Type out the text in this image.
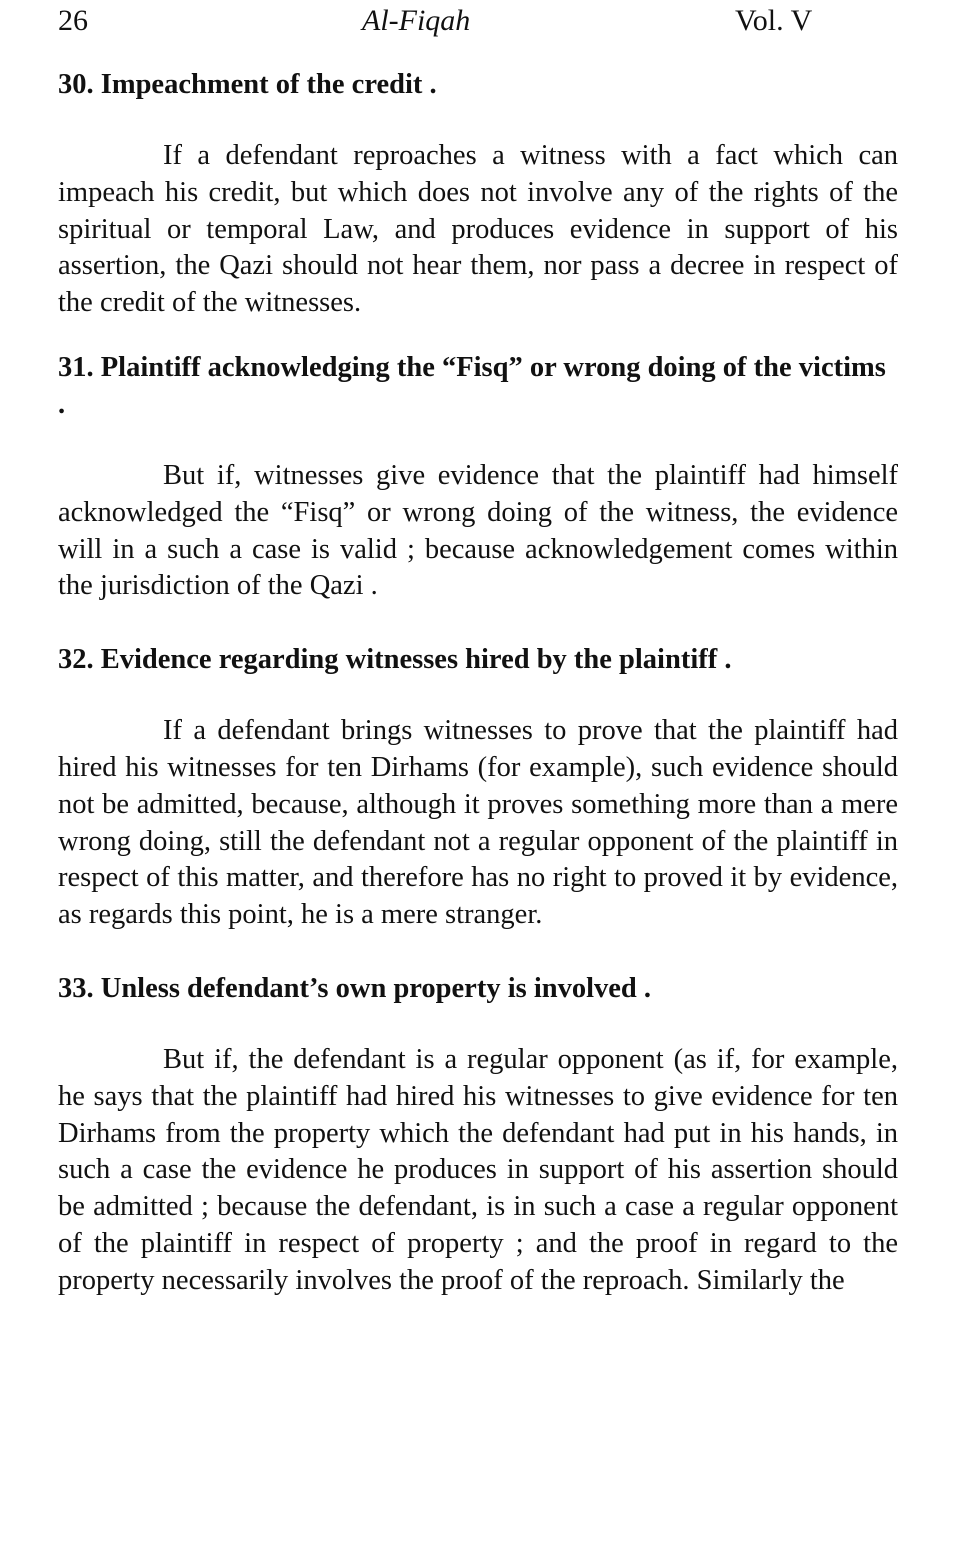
26	Al-Fiqah	Vol. V

30. Impeachment of the credit .

If a defendant reproaches a witness with a fact which can impeach his credit, but which does not involve any of the rights of the spiritual or temporal Law, and produces evidence in support of his assertion, the Qazi should not hear them, nor pass a decree in respect of the credit of the witnesses.

31. Plaintiff acknowledging the “Fisq” or wrong doing of the victims .

But if, witnesses give evidence that the plaintiff had himself acknowledged the “Fisq” or wrong doing of the witness, the evidence will in a such a case is valid ; because acknowledgement comes within the jurisdiction of the Qazi .

32. Evidence regarding witnesses hired by the plaintiff .

If a defendant brings witnesses to prove that the plaintiff had hired his witnesses for ten Dirhams (for example), such evidence should not be admitted, because, although it proves something more than a mere wrong doing, still the defendant not a regular opponent of the plaintiff in respect of this matter, and therefore has no right to proved it by evidence, as regards this point, he is a mere stranger.

33. Unless defendant’s own property is involved .

But if, the defendant is a regular opponent (as if, for example, he says that the plaintiff had hired his witnesses to give evidence for ten Dirhams from the property which the defendant had put in his hands, in such a case the evidence he produces in support of his assertion should be admitted ; because the defendant, is in such a case a regular opponent of the plaintiff in respect of property ; and the proof in regard to the property necessarily involves the proof of the reproach. Similarly the
